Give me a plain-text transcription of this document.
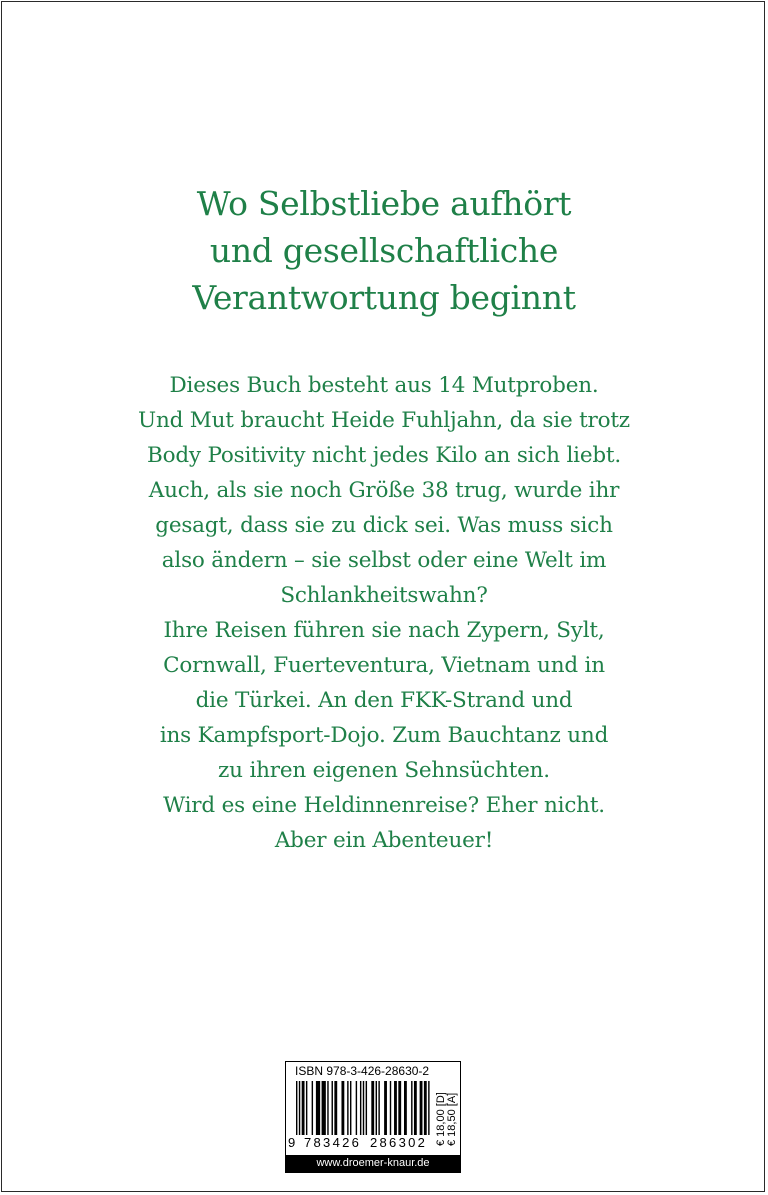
Wo Selbstliebe aufhört
und gesellschaftliche
Verantwortung beginnt
Dieses Buch besteht aus 14 Mutproben.
Und Mut braucht Heide Fuhljahn, da sie trotz
Body Positivity nicht jedes Kilo an sich liebt.
Auch, als sie noch Größe 38 trug, wurde ihr
gesagt, dass sie zu dick sei. Was muss sich
also ändern – sie selbst oder eine Welt im
Schlankheitswahn?
Ihre Reisen führen sie nach Zypern, Sylt,
Cornwall, Fuerteventura, Vietnam und in
die Türkei. An den FKK-Strand und
ins Kampfsport-Dojo. Zum Bauchtanz und
zu ihren eigenen Sehnsüchten.
Wird es eine Heldinnenreise? Eher nicht.
Aber ein Abenteuer!
ISBN 978-3-426-28630-2
9 783426 286302 € 18,00 [D] € 18,50 [A]
www.droemer-knaur.de
